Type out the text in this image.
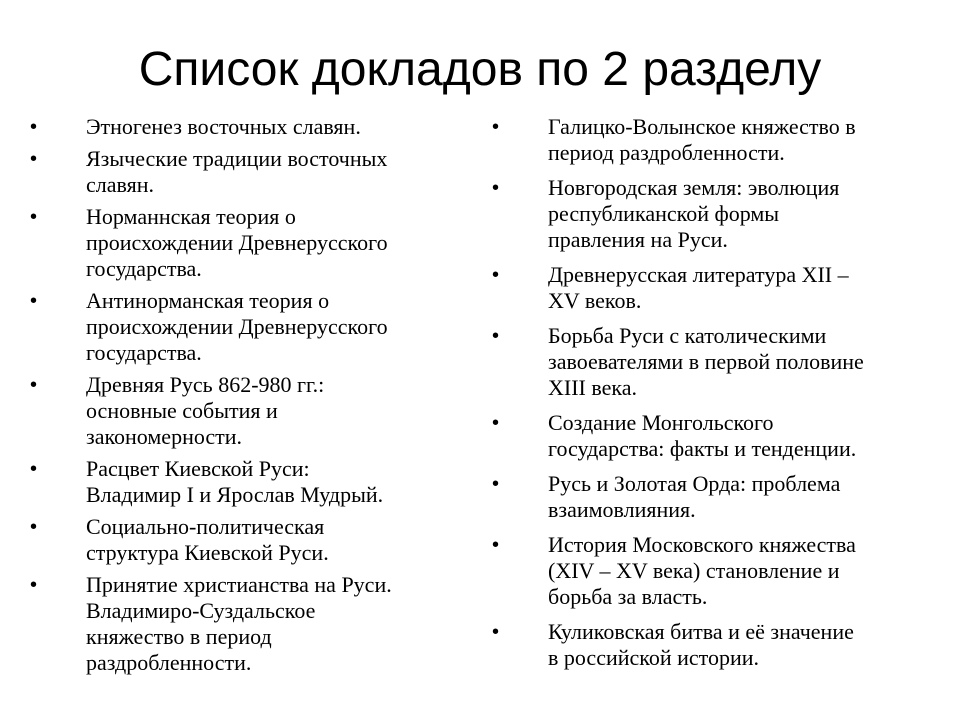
Список докладов по 2 разделу
• Этногенез восточных славян.
• Языческие традиции восточных
славян.
• Норманнская теория о
происхождении Древнерусского
государства.
• Антинорманская теория о
происхождении Древнерусского
государства.
• Древняя Русь 862-980 гг.:
основные события и
закономерности.
• Расцвет Киевской Руси:
Владимир I и Ярослав Мудрый.
• Социально-политическая
структура Киевской Руси.
• Принятие христианства на Руси.
Владимиро-Суздальское
княжество в период
раздробленности.
• Галицко-Волынское княжество в
период раздробленности.
• Новгородская земля: эволюция
республиканской формы
правления на Руси.
• Древнерусская литература XII –
XV веков.
• Борьба Руси с католическими
завоевателями в первой половине
XIII века.
• Создание Монгольского
государства: факты и тенденции.
• Русь и Золотая Орда: проблема
взаимовлияния.
• История Московского княжества
(XIV – XV века) становление и
борьба за власть.
• Куликовская битва и её значение
в российской истории.
